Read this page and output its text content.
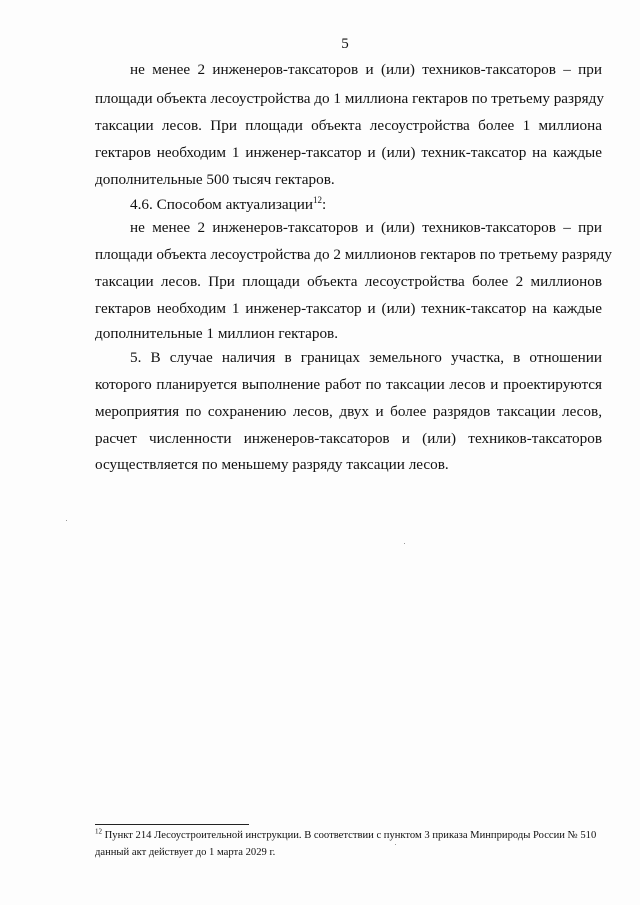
5
не менее 2 инженеров-таксаторов и (или) техников-таксаторов – при
площади объекта лесоустройства до 1 миллиона гектаров по третьему разряду
таксации лесов. При площади объекта лесоустройства более 1 миллиона
гектаров необходим 1 инженер-таксатор и (или) техник-таксатор на каждые
дополнительные 500 тысяч гектаров.
4.6. Способом актуализации$^{12}$:
не менее 2 инженеров-таксаторов и (или) техников-таксаторов – при
площади объекта лесоустройства до 2 миллионов гектаров по третьему разряду
таксации лесов. При площади объекта лесоустройства более 2 миллионов
гектаров необходим 1 инженер-таксатор и (или) техник-таксатор на каждые
дополнительные 1 миллион гектаров.
5. В случае наличия в границах земельного участка, в отношении
которого планируется выполнение работ по таксации лесов и проектируются
мероприятия по сохранению лесов, двух и более разрядов таксации лесов,
расчет численности инженеров-таксаторов и (или) техников-таксаторов
осуществляется по меньшему разряду таксации лесов.
$^{12}$ Пункт 214 Лесоустроительной инструкции. В соответствии с пунктом 3 приказа Минприроды России № 510
данный акт действует до 1 марта 2029 г.
